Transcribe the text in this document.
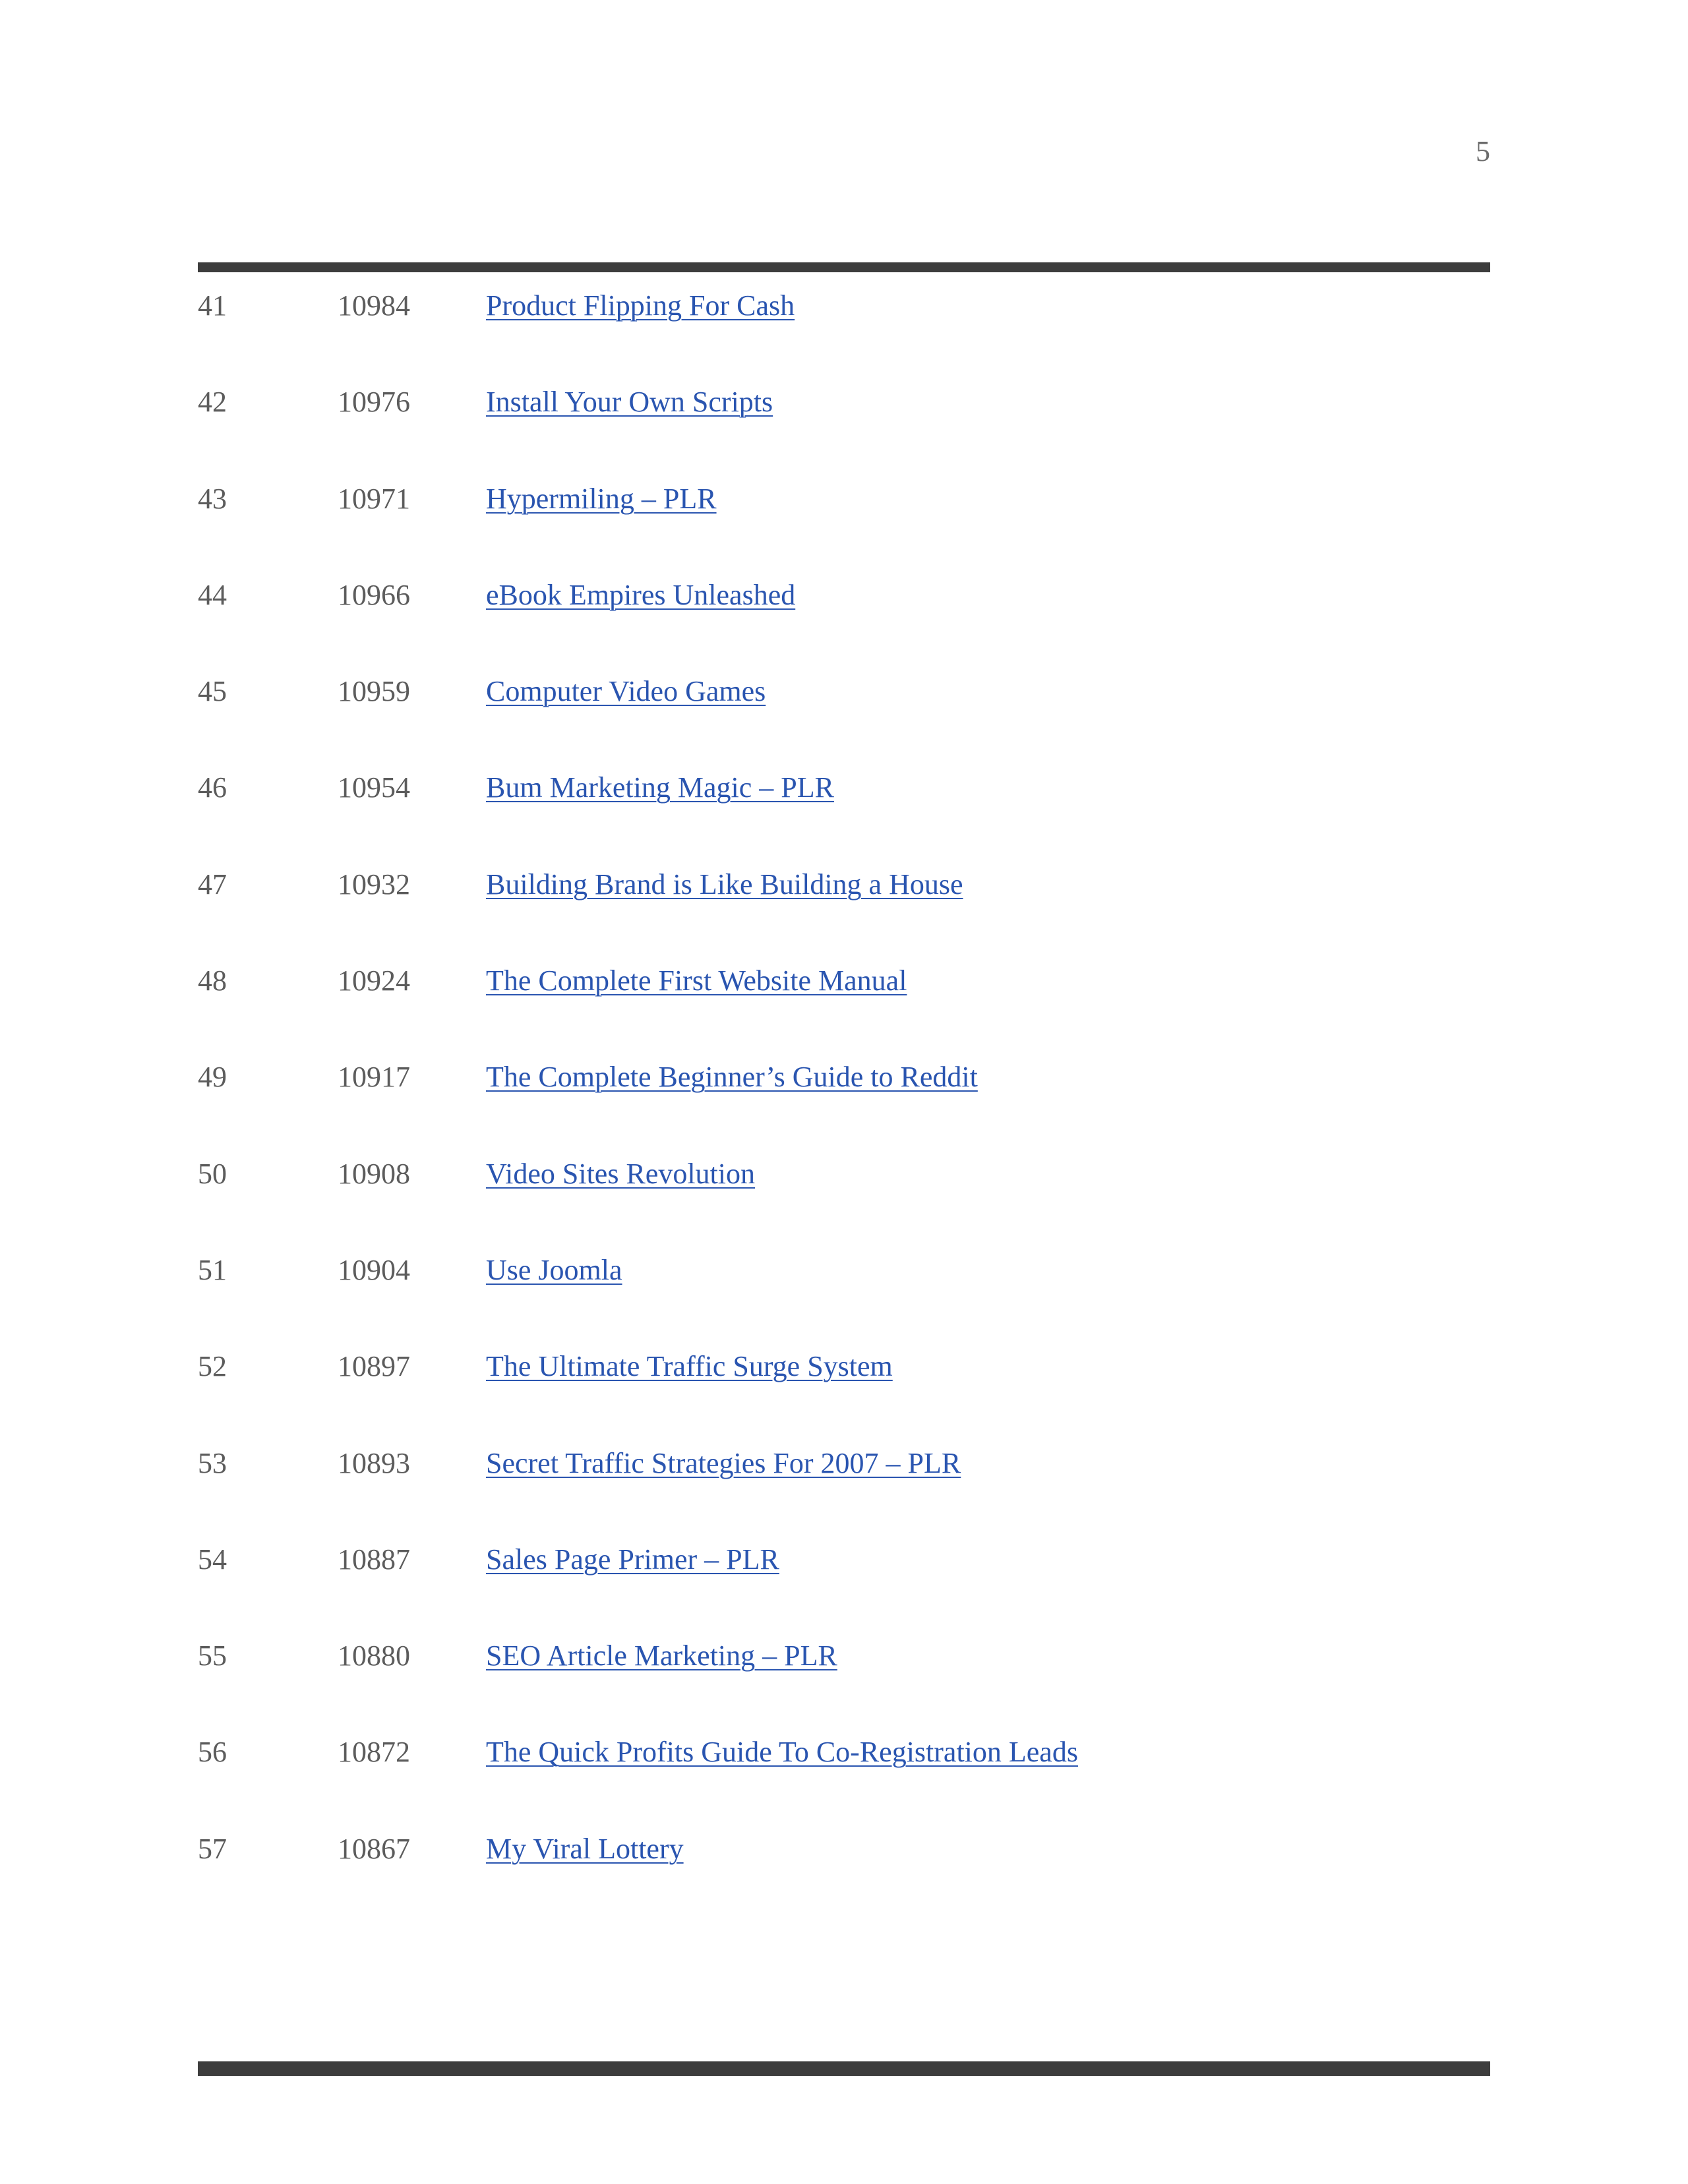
5
41	10984	Product Flipping For Cash
42	10976	Install Your Own Scripts
43	10971	Hypermiling – PLR
44	10966	eBook Empires Unleashed
45	10959	Computer Video Games
46	10954	Bum Marketing Magic – PLR
47	10932	Building Brand is Like Building a House
48	10924	The Complete First Website Manual
49	10917	The Complete Beginner’s Guide to Reddit
50	10908	Video Sites Revolution
51	10904	Use Joomla
52	10897	The Ultimate Traffic Surge System
53	10893	Secret Traffic Strategies For 2007 – PLR
54	10887	Sales Page Primer – PLR
55	10880	SEO Article Marketing – PLR
56	10872	The Quick Profits Guide To Co-Registration Leads
57	10867	My Viral Lottery
